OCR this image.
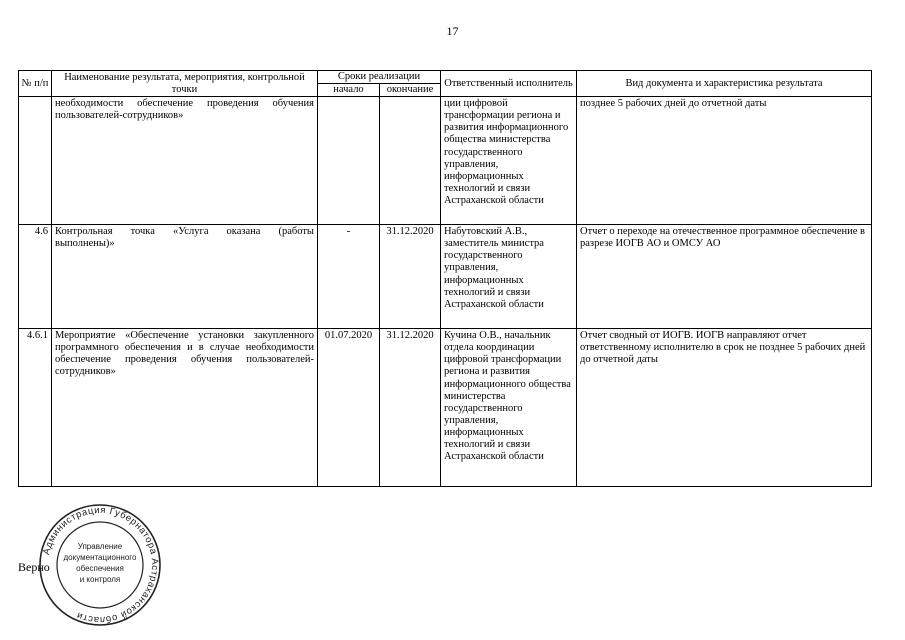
17
№ п/п	Наименование результата, мероприятия, контрольной точки	Сроки реализации		Ответственный исполнитель	Вид документа и характеристика результата
		начало	окончание		
	необходимости обеспечение проведения обучения пользователей-сотрудников»			ции цифровой трансформации региона и развития информационного общества министерства государственного управления, информационных технологий и связи Астраханской области	позднее 5 рабочих дней до отчетной даты
4.6	Контрольная точка «Услуга оказана (работы выполнены)»	-	31.12.2020	Набутовский А.В., заместитель министра государственного управления, информационных технологий и связи Астраханской области	Отчет о переходе на отечественное программное обеспечение в разрезе ИОГВ АО и ОМСУ АО
4.6.1	Мероприятие «Обеспечение установки закупленного программного обеспечения и в случае необходимости обеспечение проведения обучения пользователей-сотрудников»	01.07.2020	31.12.2020	Кучина О.В., начальник отдела координации цифровой трансформации региона и развития информационного общества министерства государственного управления, информационных технологий и связи Астраханской области	Отчет сводный от ИОГВ. ИОГВ направляют отчет ответственному исполнителю в срок не позднее 5 рабочих дней до отчетной даты
Администрация Губернатора Астраханской области
Управление
документационного
обеспечения
и контроля
Верно
